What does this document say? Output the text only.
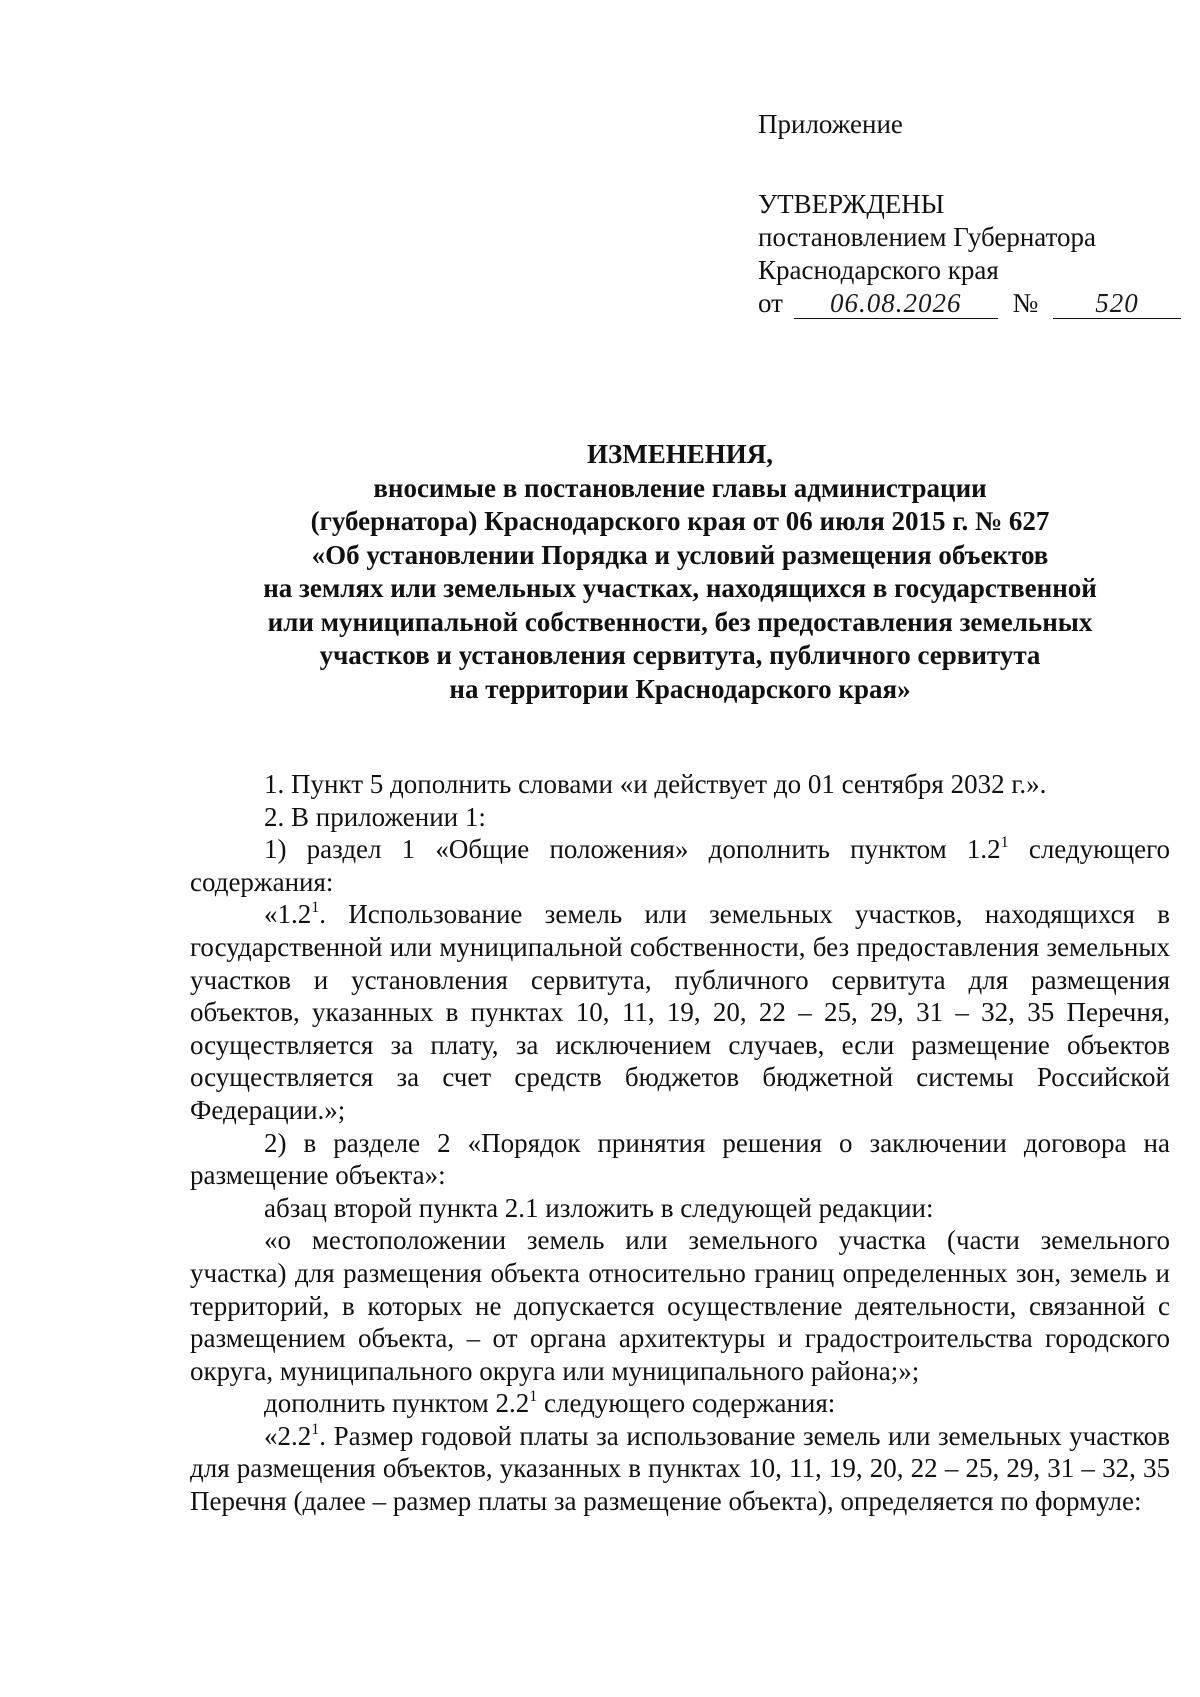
Приложение
УТВЕРЖДЕНЫ
постановлением Губернатора
Краснодарского края
от 06.08.2026 № 520
ИЗМЕНЕНИЯ,
вносимые в постановление главы администрации
(губернатора) Краснодарского края от 06 июля 2015 г. № 627
«Об установлении Порядка и условий размещения объектов
на землях или земельных участках, находящихся в государственной
или муниципальной собственности, без предоставления земельных
участков и установления сервитута, публичного сервитута
на территории Краснодарского края»

1. Пункт 5 дополнить словами «и действует до 01 сентября 2032 г.».

2. В приложении 1:

1) раздел 1 «Общие положения» дополнить пунктом $1.2^1$ следующего содержания:

«$1.2^1$. Использование земель или земельных участков, находящихся в государственной или муниципальной собственности, без предоставления земельных участков и установления сервитута, публичного сервитута для размещения объектов, указанных в пунктах 10, 11, 19, 20, 22 – 25, 29, 31 – 32, 35 Перечня, осуществляется за плату, за исключением случаев, если размещение объектов осуществляется за счет средств бюджетов бюджетной системы Российской Федерации.»;

2) в разделе 2 «Порядок принятия решения о заключении договора на размещение объекта»:

абзац второй пункта 2.1 изложить в следующей редакции:

«о местоположении земель или земельного участка (части земельного участка) для размещения объекта относительно границ определенных зон, земель и территорий, в которых не допускается осуществление деятельности, связанной с размещением объекта, – от органа архитектуры и градостроительства городского округа, муниципального округа или муниципального района;»;

дополнить пунктом $2.2^1$ следующего содержания:

«$2.2^1$. Размер годовой платы за использование земель или земельных участков для размещения объектов, указанных в пунктах 10, 11, 19, 20, 22 – 25, 29, 31 – 32, 35 Перечня (далее – размер платы за размещение объекта), определяется по формуле:
